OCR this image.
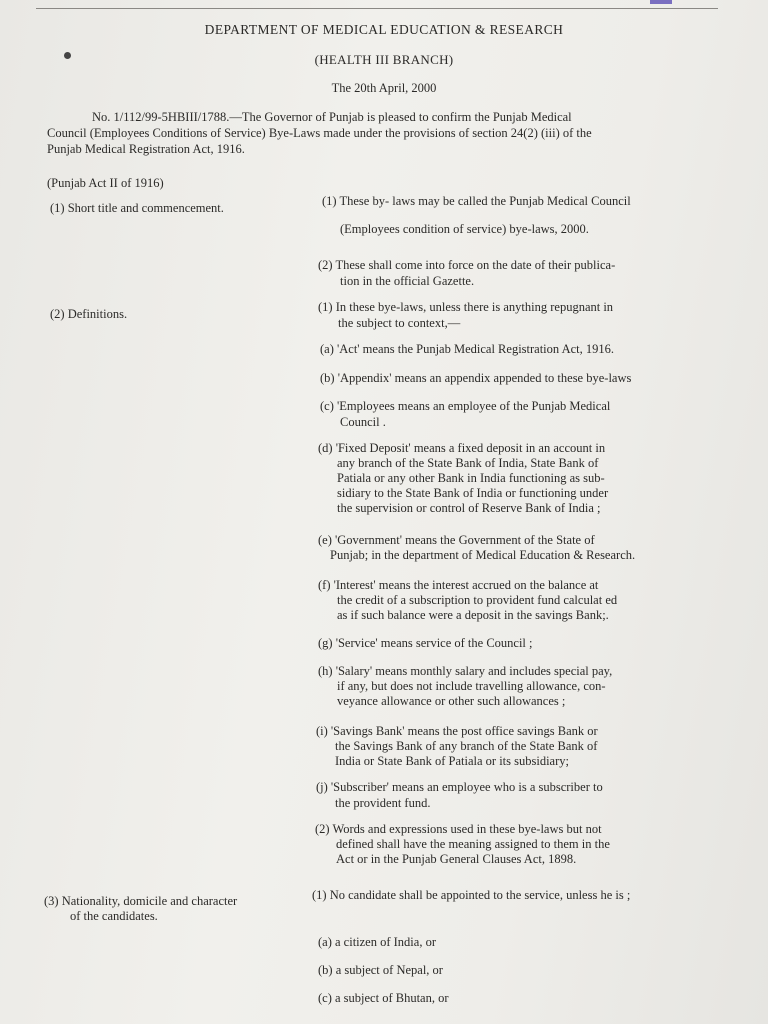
DEPARTMENT OF MEDICAL EDUCATION & RESEARCH
(HEALTH III BRANCH)
The 20th April, 2000
No. 1/112/99-5HBIII/1788.—The Governor of Punjab is pleased to confirm the Punjab Medical
Council (Employees Conditions of Service) Bye-Laws made under the provisions of section 24(2) (iii) of the
Punjab Medical Registration Act, 1916.
(Punjab Act II of 1916)
(1) Short title and commencement.	(1) These by- laws may be called the Punjab Medical Council
(Employees condition of service) bye-laws, 2000.
(2) These shall come into force on the date of their publica-
tion in the official Gazette.
(2) Definitions.	(1) In these bye-laws, unless there is anything repugnant in
the subject to context,—
(a) 'Act' means the Punjab Medical Registration Act, 1916.
(b) 'Appendix' means an appendix appended to these bye-laws
(c) 'Employees means an employee of the Punjab Medical
Council .
(d) 'Fixed Deposit' means a fixed deposit in an account in
any branch of the State Bank of India, State Bank of
Patiala or any other Bank in India functioning as sub-
sidiary to the State Bank of India or functioning under
the supervision or control of Reserve Bank of India ;
(e) 'Government' means the Government of the State of
Punjab; in the department of Medical Education & Research.
(f) 'Interest' means the interest accrued on the balance at
the credit of a subscription to provident fund calculat ed
as if such balance were a deposit in the savings Bank;.
(g) 'Service' means service of the Council ;
(h) 'Salary' means monthly salary and includes special pay,
if any, but does not include travelling allowance, con-
veyance allowance or other such allowances ;
(i) 'Savings Bank' means the post office savings Bank or
the Savings Bank of any branch of the State Bank of
India or State Bank of Patiala or its subsidiary;
(j) 'Subscriber' means an employee who is a subscriber to
the provident fund.
(2) Words and expressions used in these bye-laws but not
defined shall have the meaning assigned to them in the
Act or in the Punjab General Clauses Act, 1898.
(3) Nationality, domicile and character
of the candidates.
(1) No candidate shall be appointed to the service, unless he is ;
(a) a citizen of India, or
(b) a subject of Nepal, or
(c) a subject of Bhutan, or
